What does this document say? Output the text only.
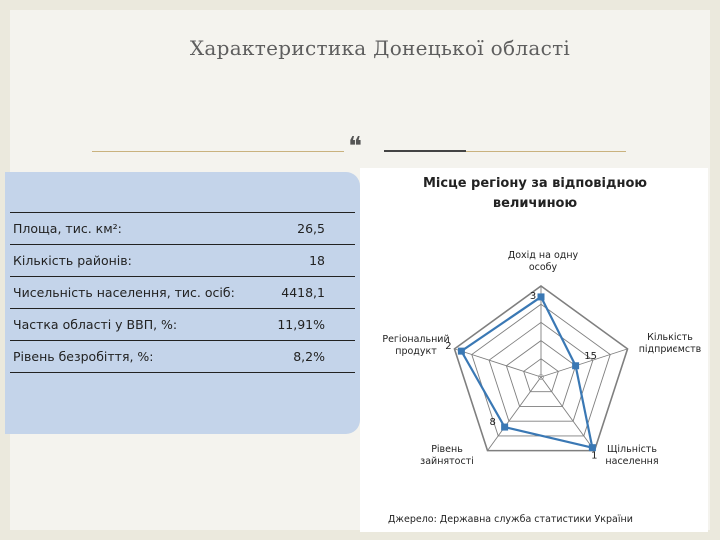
Характеристика Донецької області
❝
Площа, тис. км²:	26,5
Кількість районів:	18
Чисельність населення, тис. осіб:	4418,1
Частка області у ВВП, %:	11,91%
Рівень безробіття, %:	8,2%
Місце регіону за відповідною величиною
3
15
1
8
2
Дохід на одну особу
Кількість підприємств
Щільність населення
Рівень зайнятості
Регіональний продукт
Джерело: Державна служба статистики України
